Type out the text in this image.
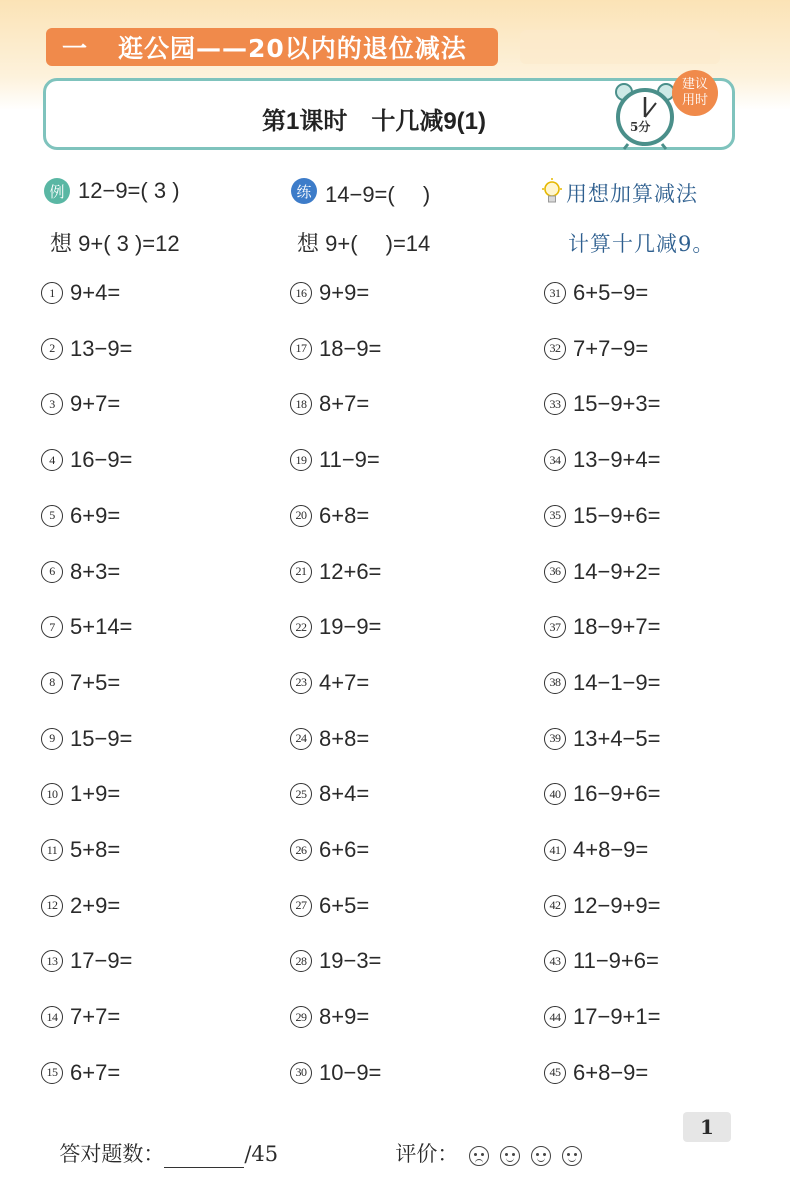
一 逛公园——20以内的退位减法
第1课时　十几减9(1)	5分
建议
用时
例 12−9=( 3 )
想 9+( 3 )=12
练 14−9=(　 )
想 9+(　 )=14
用想加算减法
计算十几减9。
1 9+4=
2 13−9=
3 9+7=
4 16−9=
5 6+9=
6 8+3=
7 5+14=
8 7+5=
9 15−9=
10 1+9=
11 5+8=
12 2+9=
13 17−9=
14 7+7=
15 6+7=
16 9+9=
17 18−9=
18 8+7=
19 11−9=
20 6+8=
21 12+6=
22 19−9=
23 4+7=
24 8+8=
25 8+4=
26 6+6=
27 6+5=
28 19−3=
29 8+9=
30 10−9=
31 6+5−9=
32 7+7−9=
33 15−9+3=
34 13−9+4=
35 15−9+6=
36 14−9+2=
37 18−9+7=
38 14−1−9=
39 13+4−5=
40 16−9+6=
41 4+8−9=
42 12−9+9=
43 11−9+6=
44 17−9+1=
45 6+8−9=

答对题数：	/45	评价：

1
